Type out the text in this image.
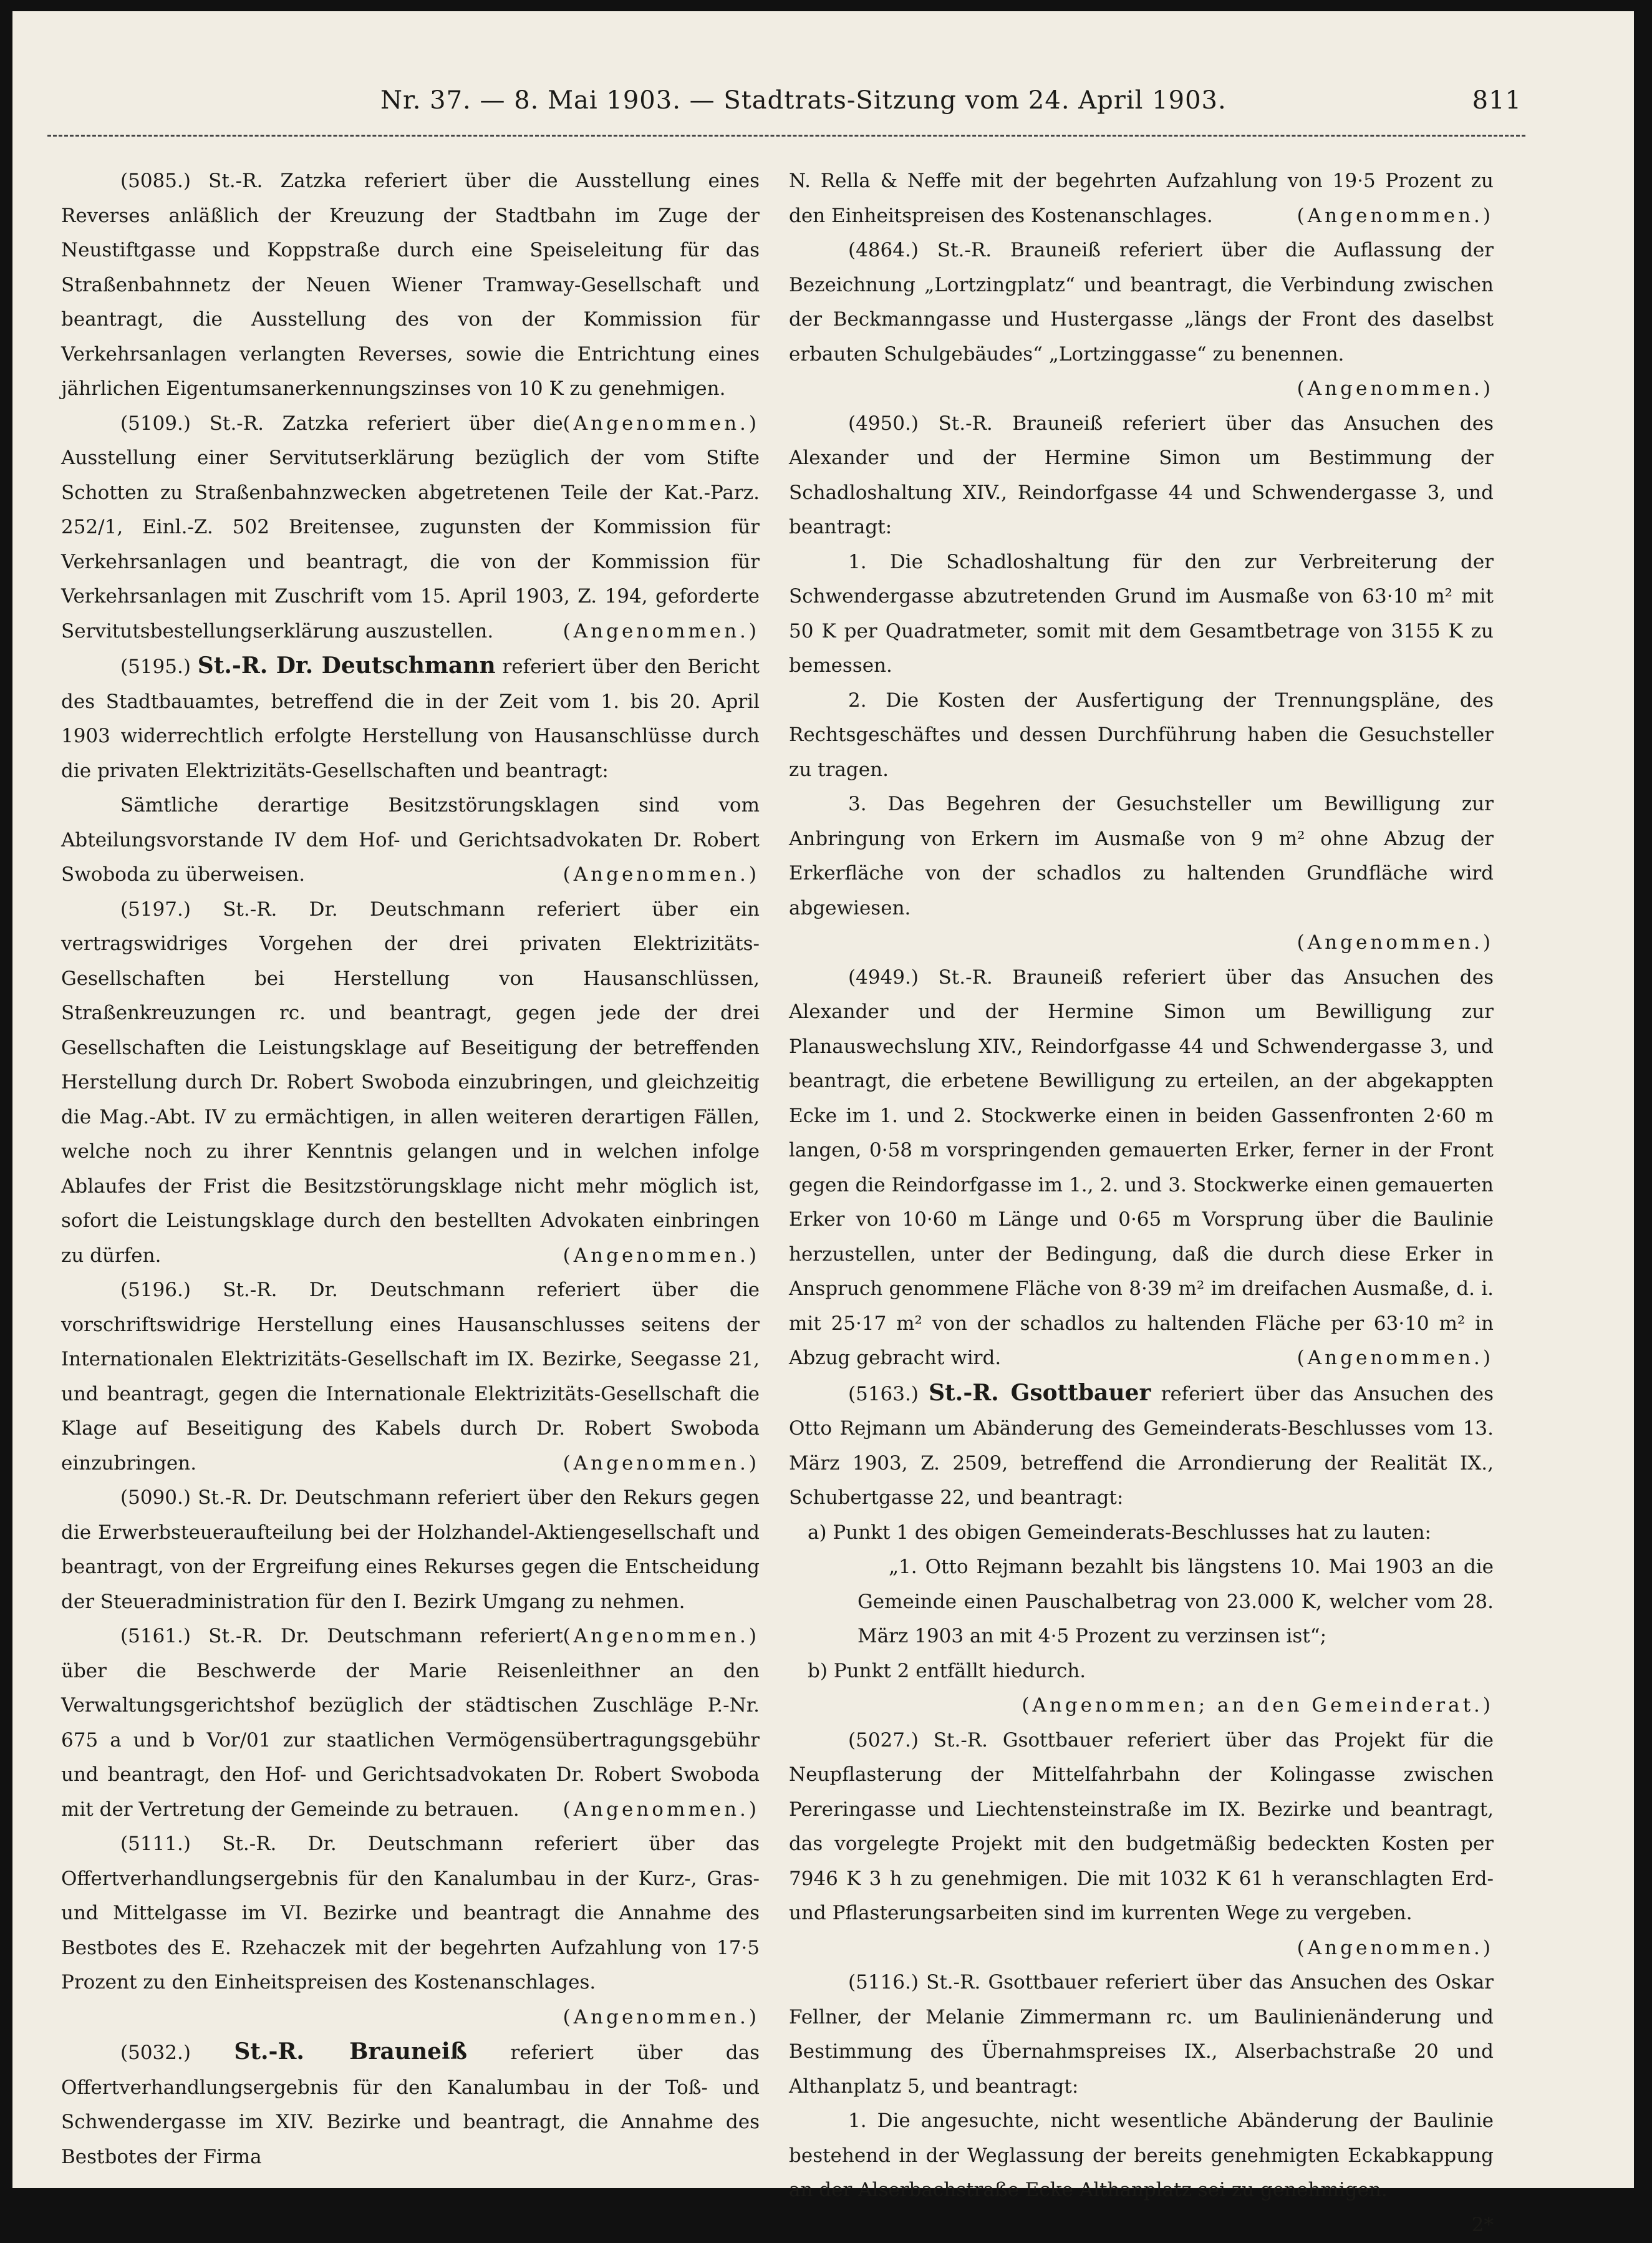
Nr. 37. — 8. Mai 1903. — Stadtrats-Sitzung vom 24. April 1903.	811

(5085.) St.-R. Zatzka referiert über die Ausstellung eines Reverses anläßlich der Kreuzung der Stadtbahn im Zuge der Neustiftgasse und Koppstraße durch eine Speiseleitung für das Straßenbahnnetz der Neuen Wiener Tramway-Gesellschaft und beantragt, die Ausstellung des von der Kommission für Verkehrsanlagen verlangten Reverses, sowie die Entrichtung eines jährlichen Eigentumsanerkennungszinses von 10 K zu genehmigen.
(Angenommen.)

(5109.) St.-R. Zatzka referiert über die Ausstellung einer Servitutserklärung bezüglich der vom Stifte Schotten zu Straßenbahnzwecken abgetretenen Teile der Kat.-Parz. 252/1, Einl.-Z. 502 Breitensee, zugunsten der Kommission für Verkehrsanlagen und beantragt, die von der Kommission für Verkehrsanlagen mit Zuschrift vom 15. April 1903, Z. 194, geforderte Servitutsbestellungserklärung auszustellen.	(Angenommen.)

(5195.) St.-R. Dr. Deutschmann referiert über den Bericht des Stadtbauamtes, betreffend die in der Zeit vom 1. bis 20. April 1903 widerrechtlich erfolgte Herstellung von Hausanschlüsse durch die privaten Elektrizitäts-Gesellschaften und beantragt:

Sämtliche derartige Besitzstörungsklagen sind vom Abteilungsvorstande IV dem Hof- und Gerichtsadvokaten Dr. Robert Swoboda zu überweisen.	(Angenommen.)

(5197.) St.-R. Dr. Deutschmann referiert über ein vertragswidriges Vorgehen der drei privaten Elektrizitäts-Gesellschaften bei Herstellung von Hausanschlüssen, Straßenkreuzungen rc. und beantragt, gegen jede der drei Gesellschaften die Leistungsklage auf Beseitigung der betreffenden Herstellung durch Dr. Robert Swoboda einzubringen, und gleichzeitig die Mag.-Abt. IV zu ermächtigen, in allen weiteren derartigen Fällen, welche noch zu ihrer Kenntnis gelangen und in welchen infolge Ablaufes der Frist die Besitzstörungsklage nicht mehr möglich ist, sofort die Leistungsklage durch den bestellten Advokaten einbringen zu dürfen.	(Angenommen.)

(5196.) St.-R. Dr. Deutschmann referiert über die vorschriftswidrige Herstellung eines Hausanschlusses seitens der Internationalen Elektrizitäts-Gesellschaft im IX. Bezirke, Seegasse 21, und beantragt, gegen die Internationale Elektrizitäts-Gesellschaft die Klage auf Beseitigung des Kabels durch Dr. Robert Swoboda einzubringen.	(Angenommen.)

(5090.) St.-R. Dr. Deutschmann referiert über den Rekurs gegen die Erwerbsteueraufteilung bei der Holzhandel-Aktiengesellschaft und beantragt, von der Ergreifung eines Rekurses gegen die Entscheidung der Steueradministration für den I. Bezirk Umgang zu nehmen.
(Angenommen.)

(5161.) St.-R. Dr. Deutschmann referiert über die Beschwerde der Marie Reisenleithner an den Verwaltungsgerichtshof bezüglich der städtischen Zuschläge P.-Nr. 675 a und b Vor/01 zur staatlichen Vermögensübertragungsgebühr und beantragt, den Hof- und Gerichtsadvokaten Dr. Robert Swoboda mit der Vertretung der Gemeinde zu betrauen. (Angenommen.)

(5111.) St.-R. Dr. Deutschmann referiert über das Offertverhandlungsergebnis für den Kanalumbau in der Kurz-, Gras- und Mittelgasse im VI. Bezirke und beantragt die Annahme des Bestbotes des E. Rzehaczek mit der begehrten Aufzahlung von 17·5 Prozent zu den Einheitspreisen des Kostenanschlages.

(Angenommen.)

(5032.) St.-R. Brauneiß referiert über das Offertverhandlungsergebnis für den Kanalumbau in der Toß- und Schwendergasse im XIV. Bezirke und beantragt, die Annahme des Bestbotes der Firma

N. Rella & Neffe mit der begehrten Aufzahlung von 19·5 Prozent zu den Einheitspreisen des Kostenanschlages.	(Angenommen.)

(4864.) St.-R. Brauneiß referiert über die Auflassung der Bezeichnung „Lortzingplatz“ und beantragt, die Verbindung zwischen der Beckmanngasse und Hustergasse „längs der Front des daselbst erbauten Schulgebäudes“ „Lortzinggasse“ zu benennen.

(Angenommen.)

(4950.) St.-R. Brauneiß referiert über das Ansuchen des Alexander und der Hermine Simon um Bestimmung der Schadloshaltung XIV., Reindorfgasse 44 und Schwendergasse 3, und beantragt:

1. Die Schadloshaltung für den zur Verbreiterung der Schwendergasse abzutretenden Grund im Ausmaße von 63·10 m² mit 50 K per Quadratmeter, somit mit dem Gesamtbetrage von 3155 K zu bemessen.

2. Die Kosten der Ausfertigung der Trennungspläne, des Rechtsgeschäftes und dessen Durchführung haben die Gesuchsteller zu tragen.

3. Das Begehren der Gesuchsteller um Bewilligung zur Anbringung von Erkern im Ausmaße von 9 m² ohne Abzug der Erkerfläche von der schadlos zu haltenden Grundfläche wird abgewiesen.

(Angenommen.)

(4949.) St.-R. Brauneiß referiert über das Ansuchen des Alexander und der Hermine Simon um Bewilligung zur Planauswechslung XIV., Reindorfgasse 44 und Schwendergasse 3, und beantragt, die erbetene Bewilligung zu erteilen, an der abgekappten Ecke im 1. und 2. Stockwerke einen in beiden Gassenfronten 2·60 m langen, 0·58 m vorspringenden gemauerten Erker, ferner in der Front gegen die Reindorfgasse im 1., 2. und 3. Stockwerke einen gemauerten Erker von 10·60 m Länge und 0·65 m Vorsprung über die Baulinie herzustellen, unter der Bedingung, daß die durch diese Erker in Anspruch genommene Fläche von 8·39 m² im dreifachen Ausmaße, d. i. mit 25·17 m² von der schadlos zu haltenden Fläche per 63·10 m² in Abzug gebracht wird.	(Angenommen.)

(5163.) St.-R. Gsottbauer referiert über das Ansuchen des Otto Rejmann um Abänderung des Gemeinderats-Beschlusses vom 13. März 1903, Z. 2509, betreffend die Arrondierung der Realität IX., Schubertgasse 22, und beantragt:

a) Punkt 1 des obigen Gemeinderats-Beschlusses hat zu lauten:

„1. Otto Rejmann bezahlt bis längstens 10. Mai 1903 an die Gemeinde einen Pauschalbetrag von 23.000 K, welcher vom 28. März 1903 an mit 4·5 Prozent zu verzinsen ist“;

b) Punkt 2 entfällt hiedurch.

(Angenommen; an den Gemeinderat.)

(5027.) St.-R. Gsottbauer referiert über das Projekt für die Neupflasterung der Mittelfahrbahn der Kolingasse zwischen Pereringasse und Liechtensteinstraße im IX. Bezirke und beantragt, das vorgelegte Projekt mit den budgetmäßig bedeckten Kosten per 7946 K 3 h zu genehmigen. Die mit 1032 K 61 h veranschlagten Erd- und Pflasterungsarbeiten sind im kurrenten Wege zu vergeben.

(Angenommen.)

(5116.) St.-R. Gsottbauer referiert über das Ansuchen des Oskar Fellner, der Melanie Zimmermann rc. um Baulinienänderung und Bestimmung des Übernahmspreises IX., Alserbachstraße 20 und Althanplatz 5, und beantragt:

1. Die angesuchte, nicht wesentliche Abänderung der Baulinie bestehend in der Weglassung der bereits genehmigten Eckabkappung an der Alserbachstraße Ecke Althanplatz sei zu genehmigen.

2*
